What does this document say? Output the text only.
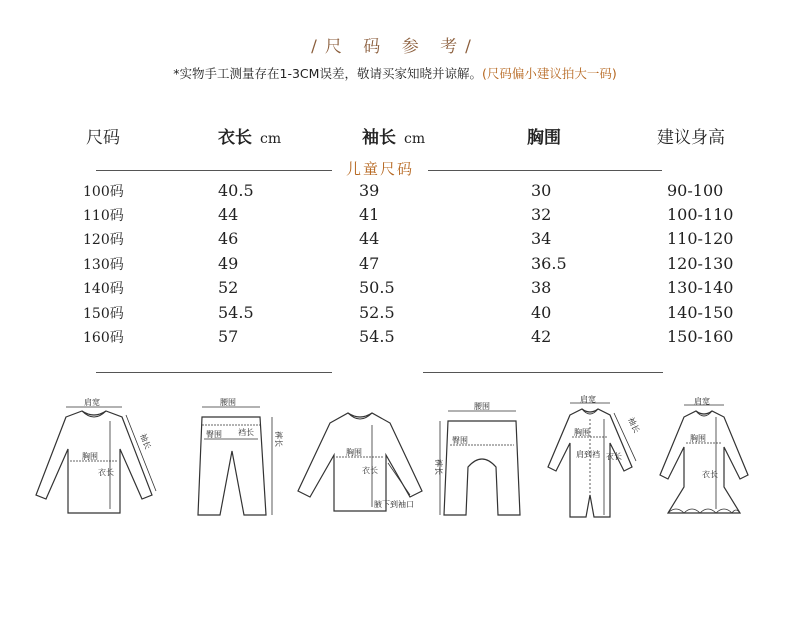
/尺 码 参 考/
*实物手工测量存在1-3CM误差，敬请买家知晓并谅解。(尺码偏小建议拍大一码)
尺码	衣长 cm	袖长 cm	胸围	建议身高
儿童尺码
100码	40.5	39	30	90-100
110码	44	41	32	100-110
120码	46	44	34	110-120
130码	49	47	36.5	120-130
140码	52	50.5	38	130-140
150码	54.5	52.5	40	140-150
160码	57	54.5	42	150-160
肩宽
胸围
衣长
袖长
腰围
臀围 裆长	裤长
胸围
衣长
腋下到袖口
腰围
臀围
裤长
肩宽
胸围
肩到裆 衣长
袖长
肩宽
胸围
衣长
